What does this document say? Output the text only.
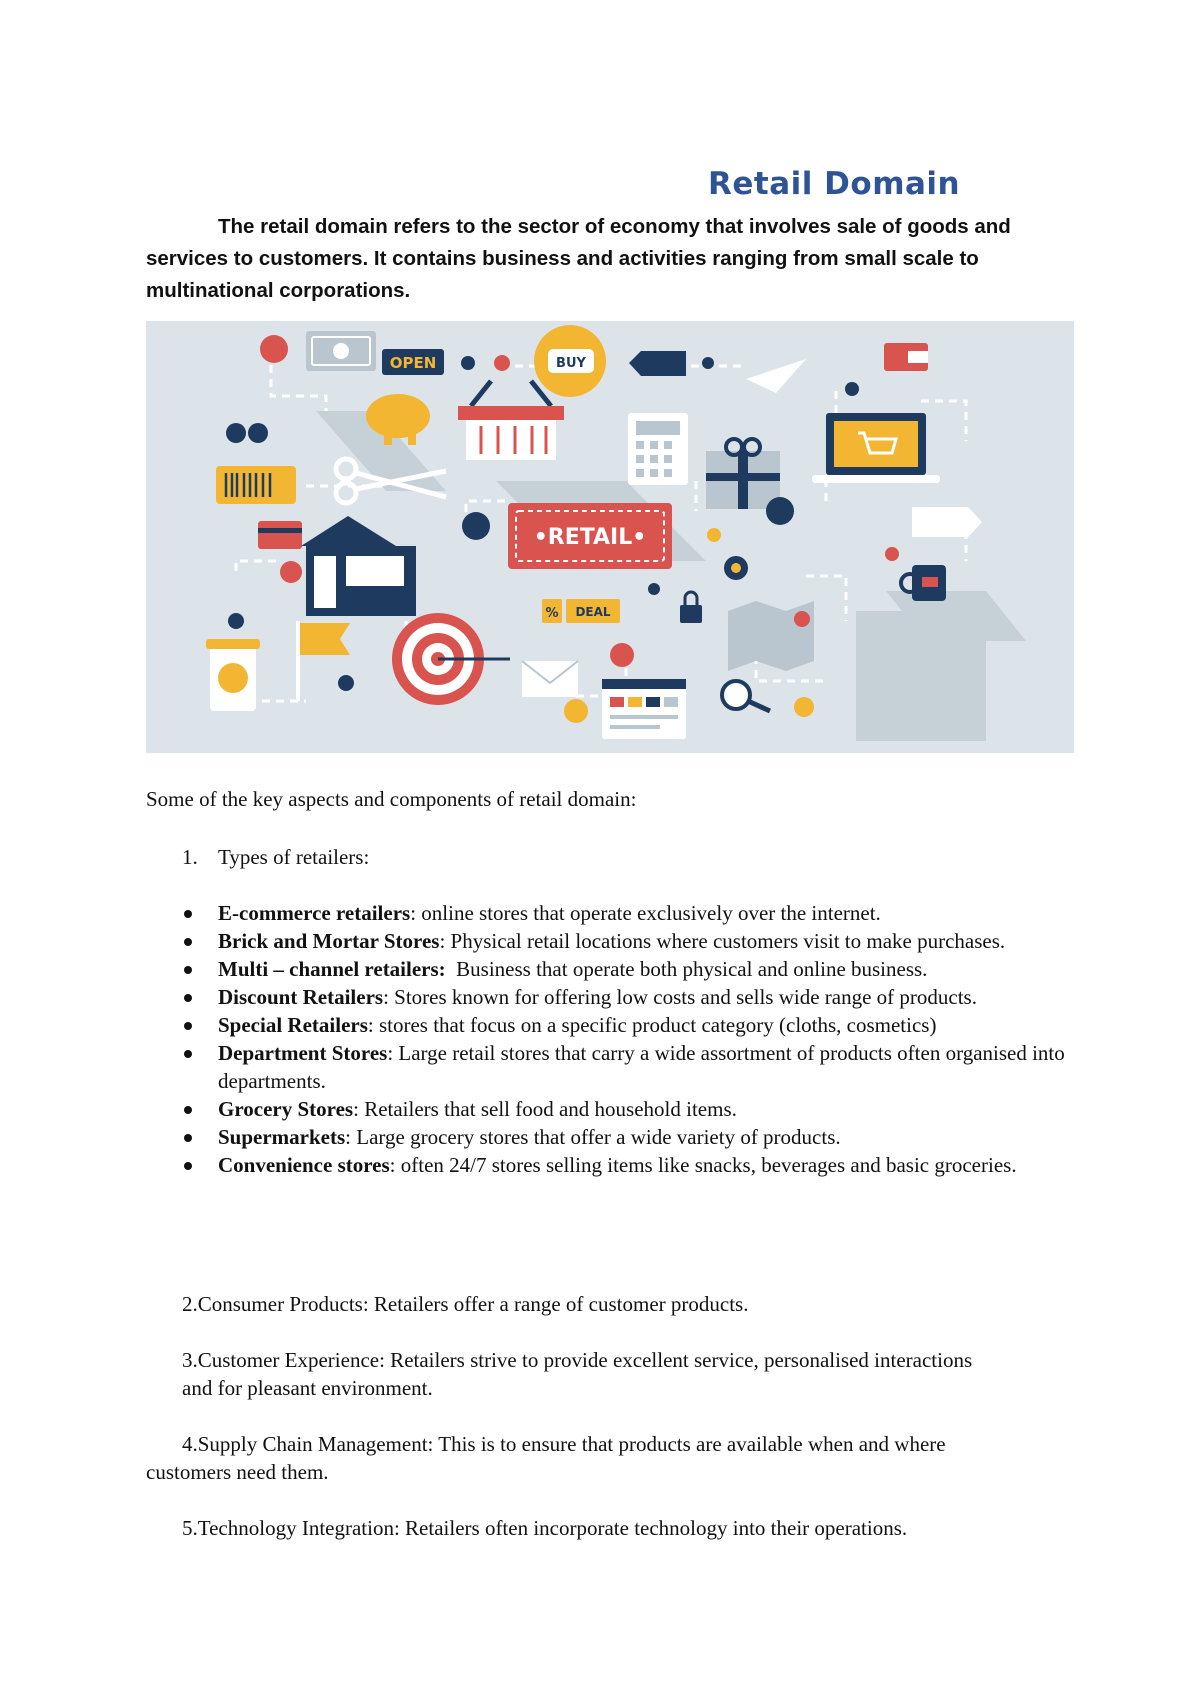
Retail Domain
The retail domain refers to the sector of economy that involves sale of goods and services to customers. It contains business and activities ranging from small scale to multinational corporations.
OPEN	BUY
•RETAIL•
% DEAL
Some of the key aspects and components of retail domain:
1. Types of retailers:
E-commerce retailers: online stores that operate exclusively over the internet.
Brick and Mortar Stores: Physical retail locations where customers visit to make purchases.
Multi – channel retailers:  Business that operate both physical and online business.
Discount Retailers: Stores known for offering low costs and sells wide range of products.
Special Retailers: stores that focus on a specific product category (cloths, cosmetics)
Department Stores: Large retail stores that carry a wide assortment of products often organised into departments.
Grocery Stores: Retailers that sell food and household items.
Supermarkets: Large grocery stores that offer a wide variety of products.
Convenience stores: often 24/7 stores selling items like snacks, beverages and basic groceries.
2.Consumer Products: Retailers offer a range of customer products.
3.Customer Experience: Retailers strive to provide excellent service, personalised interactions and for pleasant environment.
4.Supply Chain Management: This is to ensure that products are available when and where customers need them.
5.Technology Integration: Retailers often incorporate technology into their operations.
